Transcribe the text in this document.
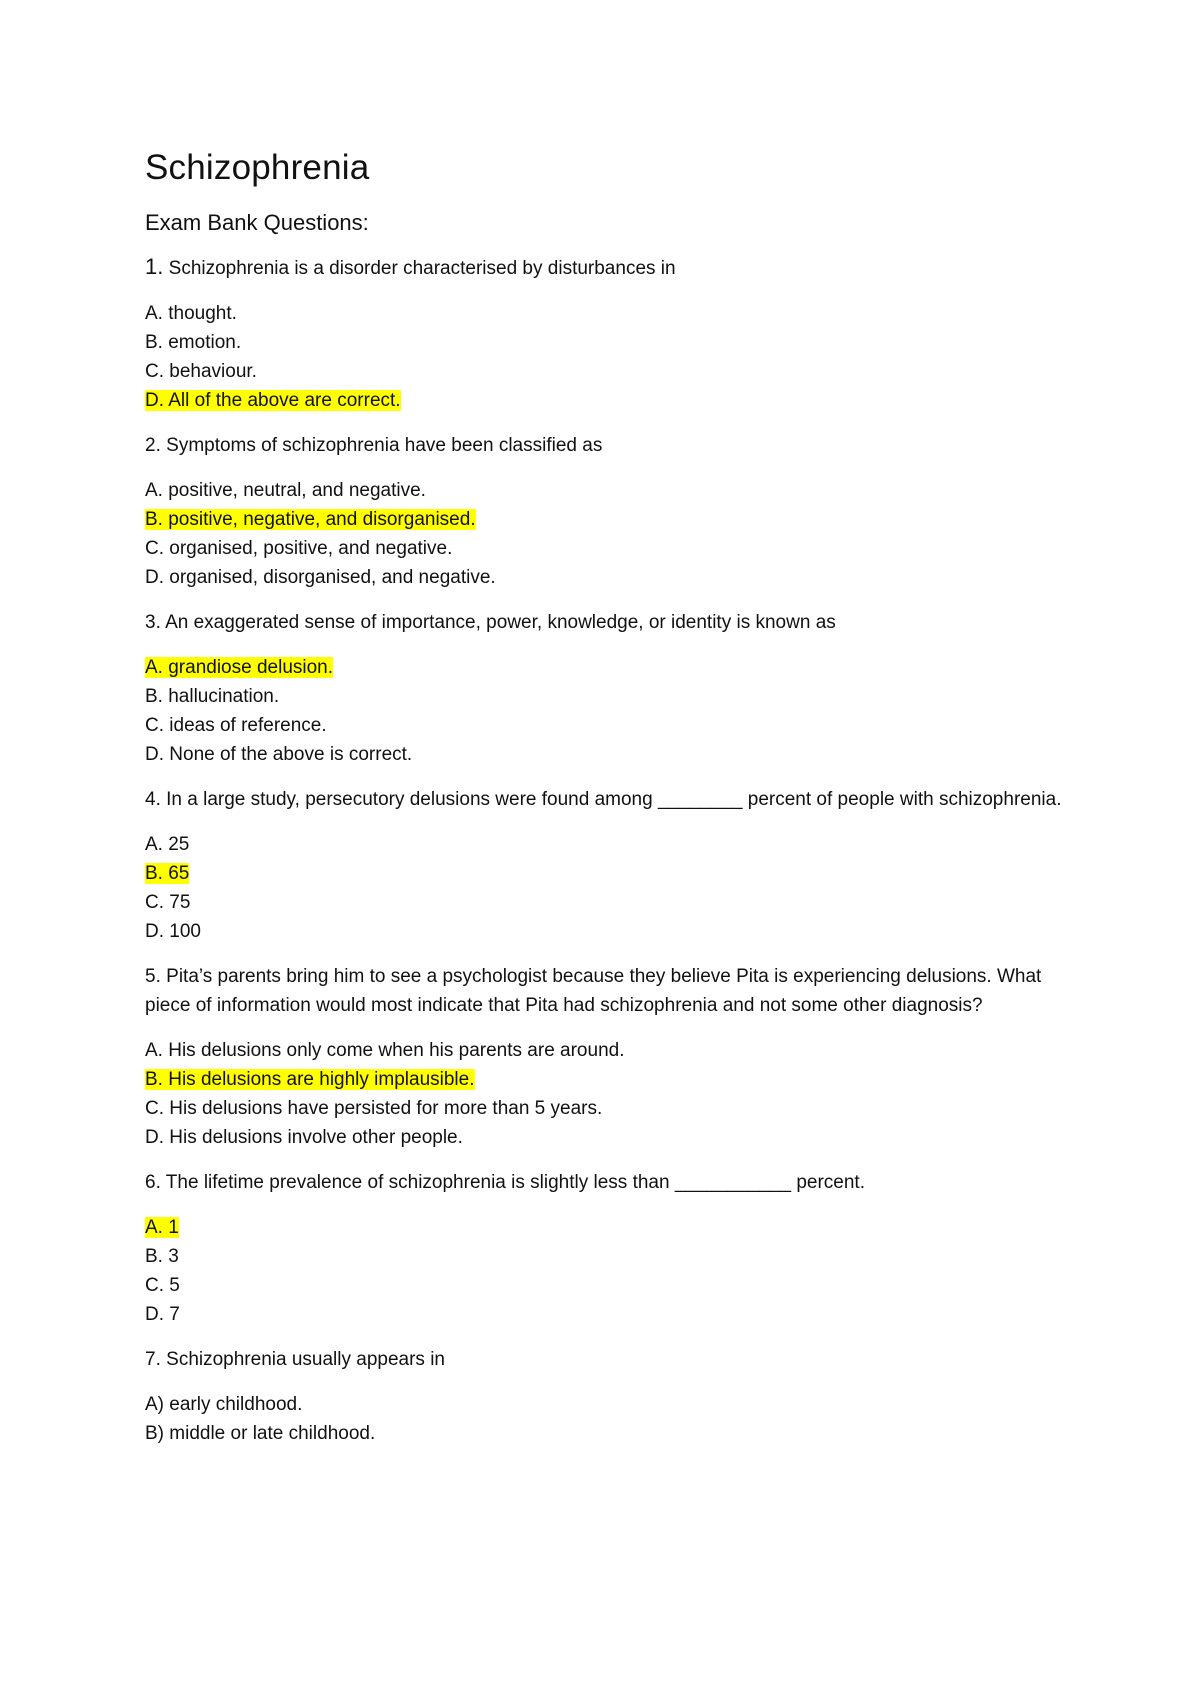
Schizophrenia
Exam Bank Questions:

1. Schizophrenia is a disorder characterised by disturbances in

A. thought.
B. emotion.
C. behaviour.
D. All of the above are correct.

2. Symptoms of schizophrenia have been classified as

A. positive, neutral, and negative.
B. positive, negative, and disorganised.
C. organised, positive, and negative.
D. organised, disorganised, and negative.

3. An exaggerated sense of importance, power, knowledge, or identity is known as

A. grandiose delusion.
B. hallucination.
C. ideas of reference.
D. None of the above is correct.

4. In a large study, persecutory delusions were found among ________ percent of people with schizophrenia.

A. 25
B. 65
C. 75
D. 100

5. Pita’s parents bring him to see a psychologist because they believe Pita is experiencing delusions. What piece of information would most indicate that Pita had schizophrenia and not some other diagnosis?

A. His delusions only come when his parents are around.
B. His delusions are highly implausible.
C. His delusions have persisted for more than 5 years.
D. His delusions involve other people.

6. The lifetime prevalence of schizophrenia is slightly less than ___________ percent.

A. 1
B. 3
C. 5
D. 7

7. Schizophrenia usually appears in

A) early childhood.
B) middle or late childhood.
